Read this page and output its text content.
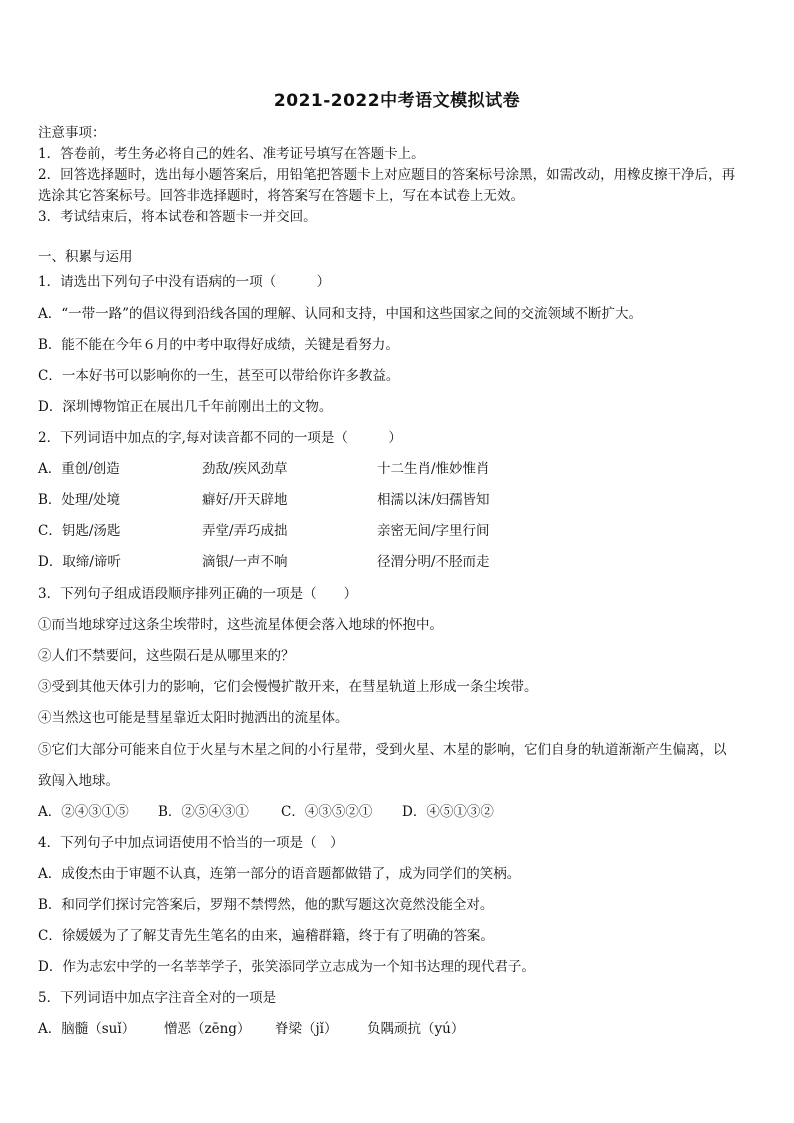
2021-2022中考语文模拟试卷
注意事项：
1．答卷前，考生务必将自己的姓名、准考证号填写在答题卡上。
2．回答选择题时，选出每小题答案后，用铅笔把答题卡上对应题目的答案标号涂黑，如需改动，用橡皮擦干净后，再
选涂其它答案标号。回答非选择题时，将答案写在答题卡上，写在本试卷上无效。
3．考试结束后，将本试卷和答题卡一并交回。
一、积累与运用
1．请选出下列句子中没有语病的一项（　　　）
A．“一带一路”的倡议得到沿线各国的理解、认同和支持，中国和这些国家之间的交流领域不断扩大。
B．能不能在今年６月的中考中取得好成绩，关键是看努力。
C．一本好书可以影响你的一生，甚至可以带给你许多教益。
D．深圳博物馆正在展出几千年前刚出土的文物。
2．下列词语中加点的字,每对读音都不同的一项是（　　　）
A．重创/创造	劲敌/疾风劲草	十二生肖/惟妙惟肖
B．处理/处境	癖好/开天辟地	相濡以沫/妇孺皆知
C．钥匙/汤匙	弄堂/弄巧成拙	亲密无间/字里行间
D．取缔/谛听	滴银/一声不响	径渭分明/不胫而走
3．下列句子组成语段顺序排列正确的一项是（　　）
①而当地球穿过这条尘埃带时，这些流星体便会落入地球的怀抱中。
②人们不禁要问，这些陨石是从哪里来的？
③受到其他天体引力的影响，它们会慢慢扩散开来，在彗星轨道上形成一条尘埃带。
④当然这也可能是彗星靠近太阳时抛洒出的流星体。
⑤它们大部分可能来自位于火星与木星之间的小行星带，受到火星、木星的影响，它们自身的轨道渐渐产生偏离，以
致闯入地球。
A．②④③①⑤ B．②⑤④③① C．④③⑤②① D．④⑤①③②
4．下列句子中加点词语使用不恰当的一项是（　）
A．成俊杰由于审题不认真，连第一部分的语音题都做错了，成为同学们的笑柄。
B．和同学们探讨完答案后，罗翔不禁愕然，他的默写题这次竟然没能全对。
C．徐媛媛为了了解艾青先生笔名的由来，遍稽群籍，终于有了明确的答案。
D．作为志宏中学的一名莘莘学子，张笑添同学立志成为一个知书达理的现代君子。
5．下列词语中加点字注音全对的一项是
A．脑髓（suǐ） 憎恶（zēng） 脊梁（jǐ） 负隅顽抗（yú）
